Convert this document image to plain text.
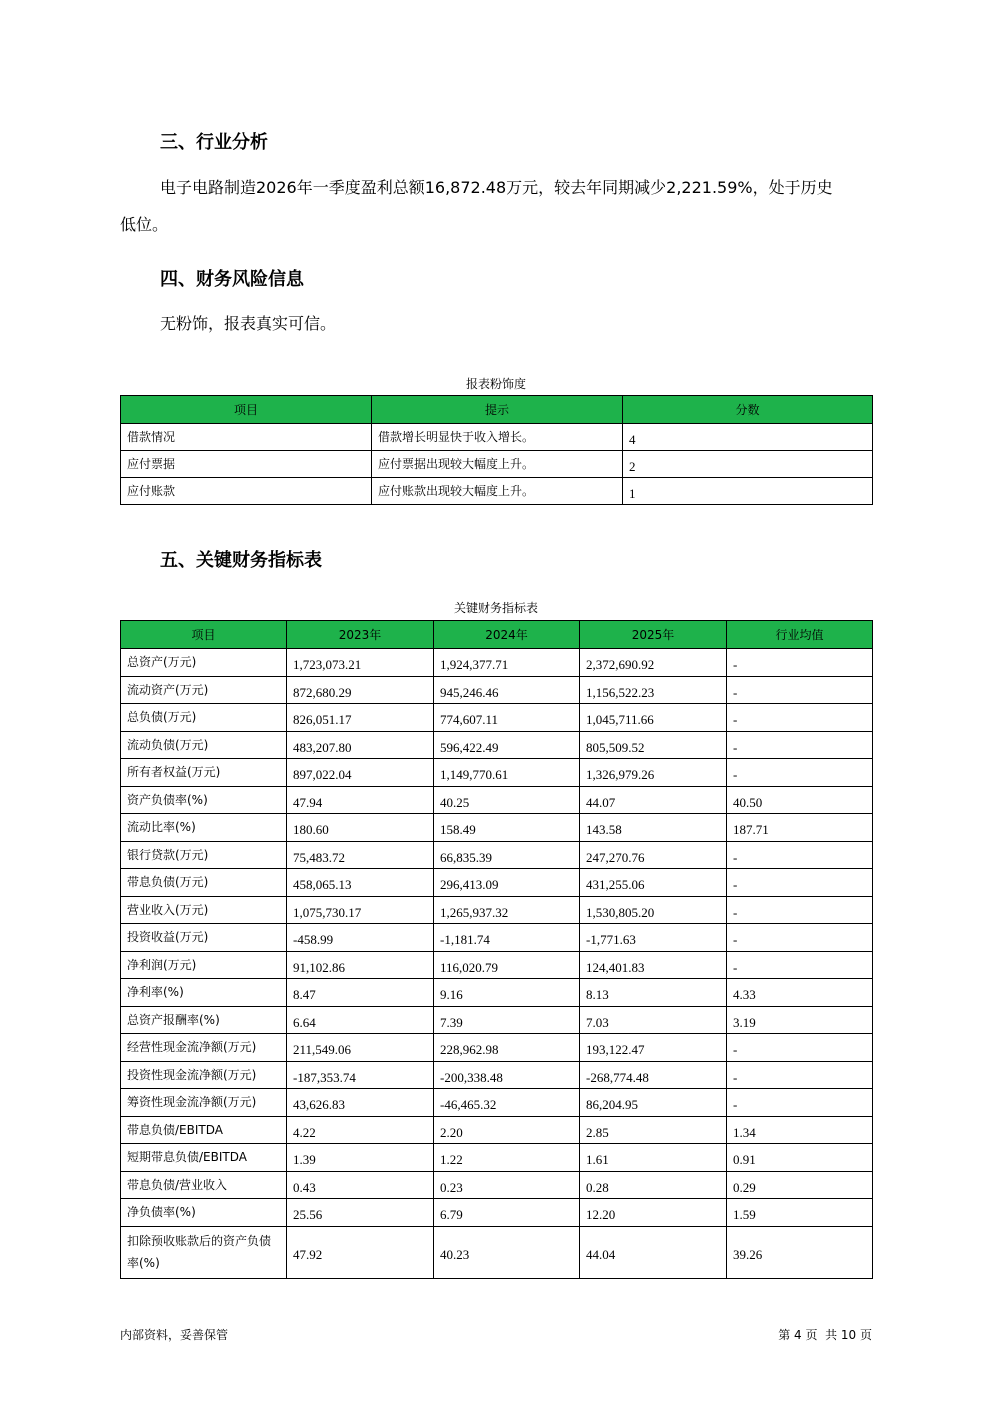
三、行业分析
电子电路制造2026年一季度盈利总额16,872.48万元，较去年同期减少2,221.59%，处于历史
低位。
四、财务风险信息
无粉饰，报表真实可信。
报表粉饰度
项目	提示	分数
借款情况	借款增长明显快于收入增长。	4
应付票据	应付票据出现较大幅度上升。	2
应付账款	应付账款出现较大幅度上升。	1
五、关键财务指标表
关键财务指标表
项目	2023年	2024年	2025年	行业均值
总资产(万元)	1,723,073.21	1,924,377.71	2,372,690.92	-
流动资产(万元)	872,680.29	945,246.46	1,156,522.23	-
总负债(万元)	826,051.17	774,607.11	1,045,711.66	-
流动负债(万元)	483,207.80	596,422.49	805,509.52	-
所有者权益(万元)	897,022.04	1,149,770.61	1,326,979.26	-
资产负债率(%)	47.94	40.25	44.07	40.50
流动比率(%)	180.60	158.49	143.58	187.71
银行贷款(万元)	75,483.72	66,835.39	247,270.76	-
带息负债(万元)	458,065.13	296,413.09	431,255.06	-
营业收入(万元)	1,075,730.17	1,265,937.32	1,530,805.20	-
投资收益(万元)	-458.99	-1,181.74	-1,771.63	-
净利润(万元)	91,102.86	116,020.79	124,401.83	-
净利率(%)	8.47	9.16	8.13	4.33
总资产报酬率(%)	6.64	7.39	7.03	3.19
经营性现金流净额(万元)	211,549.06	228,962.98	193,122.47	-
投资性现金流净额(万元)	-187,353.74	-200,338.48	-268,774.48	-
筹资性现金流净额(万元)	43,626.83	-46,465.32	86,204.95	-
带息负债/EBITDA	4.22	2.20	2.85	1.34
短期带息负债/EBITDA	1.39	1.22	1.61	0.91
带息负债/营业收入	0.43	0.23	0.28	0.29
净负债率(%)	25.56	6.79	12.20	1.59
扣除预收账款后的资产负债率(%)	47.92	40.23	44.04	39.26
内部资料，妥善保管	第 4 页  共 10 页
